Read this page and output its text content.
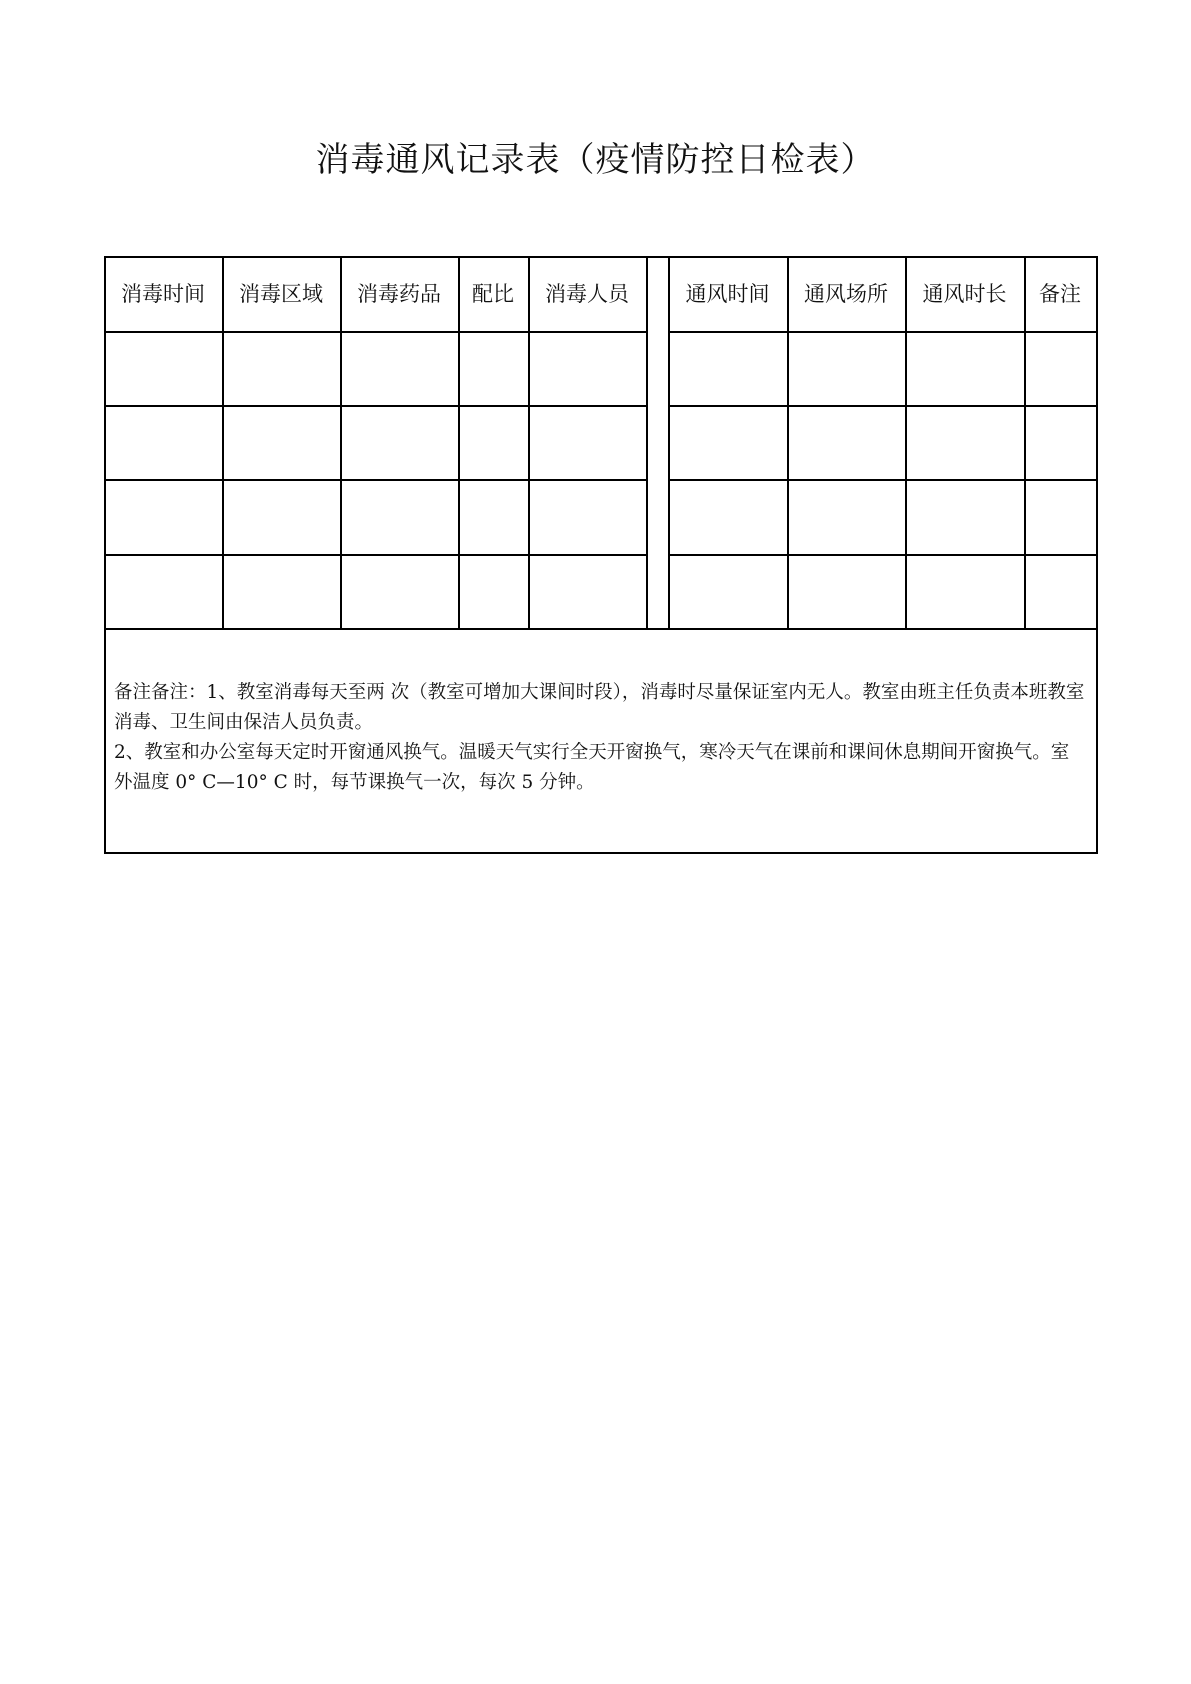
消毒通风记录表（疫情防控日检表）
消毒时间	消毒区域	消毒药品	配比	消毒人员	通风时间	通风场所	通风时长	备注

备注备注：1、教室消毒每天至两 次（教室可增加大课间时段），消毒时尽量保证室内无人。教室由班主任负责本班教室消毒、卫生间由保洁人员负责。

2、教室和办公室每天定时开窗通风换气。温暖天气实行全天开窗换气，寒冷天气在课前和课间休息期间开窗换气。室外温度 0° C—10° C 时，每节课换气一次，每次 5 分钟。
